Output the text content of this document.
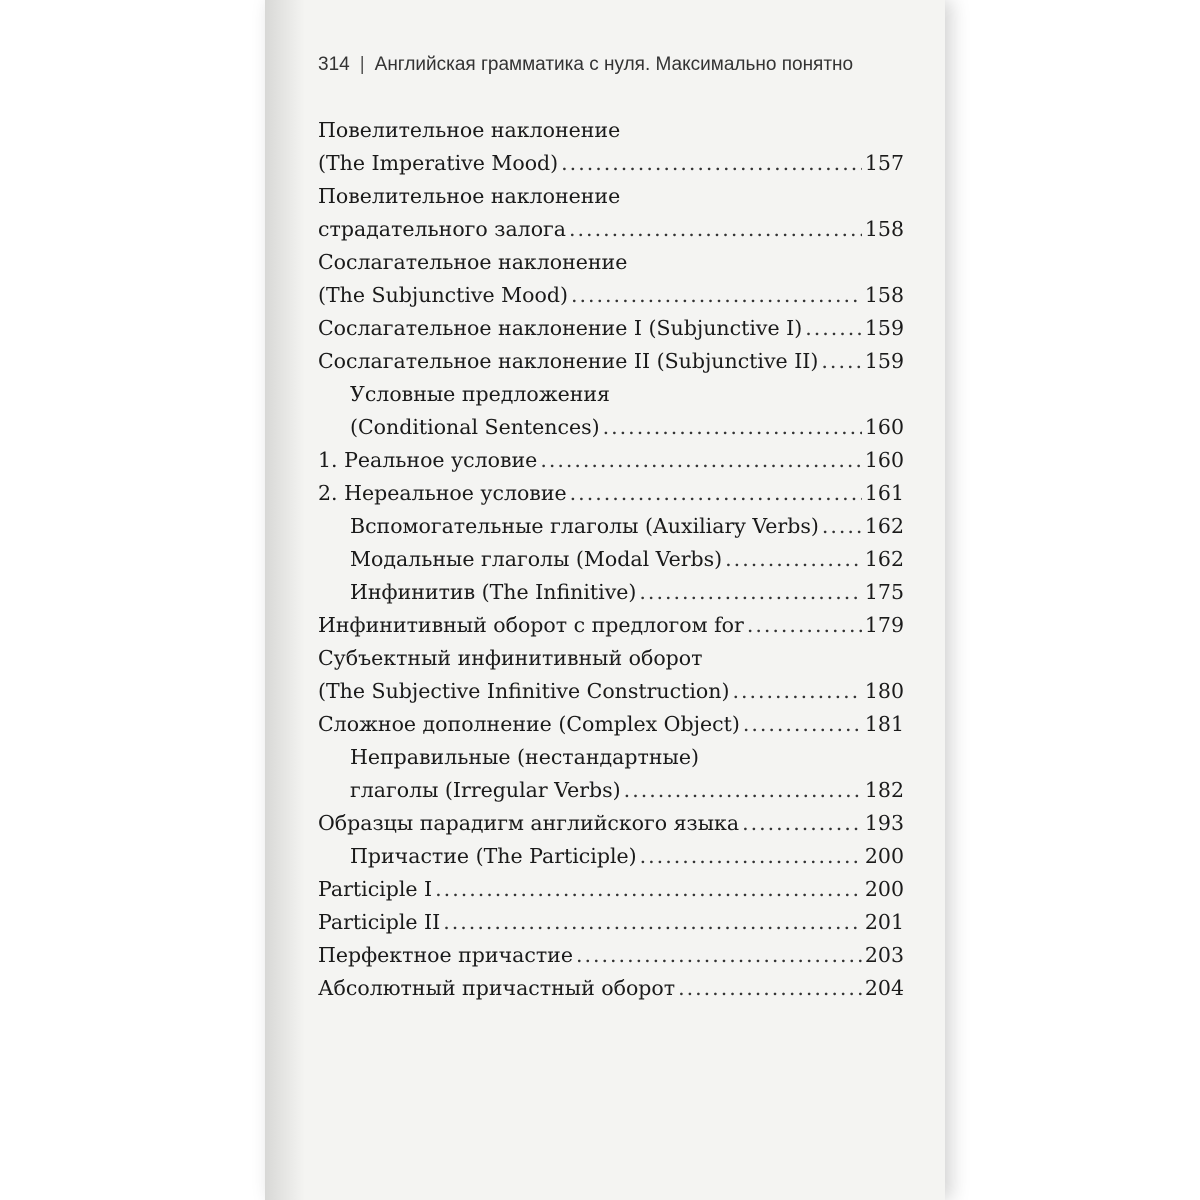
314 | Английская грамматика с нуля. Максимально понятно
Повелительное наклонение
(The Imperative Mood) .....	157
Повелительное наклонение
страдательного залога .....	158
Сослагательное наклонение
(The Subjunctive Mood) .....	158
Сослагательное наклонение I (Subjunctive I) .....	159
Сослагательное наклонение II (Subjunctive II) ..... 159
Условные предложения
(Conditional Sentences) .....	160
1. Реальное условие .....	160
2. Нереальное условие .....	161
Вспомогательные глаголы (Auxiliary Verbs) ..... 162
Модальные глаголы (Modal Verbs) .....	162
Инфинитив (The Infinitive) .....	175
Инфинитивный оборот с предлогом for .....	179
Субъектный инфинитивный оборот
(The Subjective Infinitive Construction) .....	180
Сложное дополнение (Complex Object) .....	181
Неправильные (нестандартные)
глаголы (Irregular Verbs) .....	182
Образцы парадигм английского языка .....	193
Причастие (The Participle) .....	200
Participle I .....	200
Participle II .....	201
Перфектное причастие .....	203
Абсолютный причастный оборот .....	204
